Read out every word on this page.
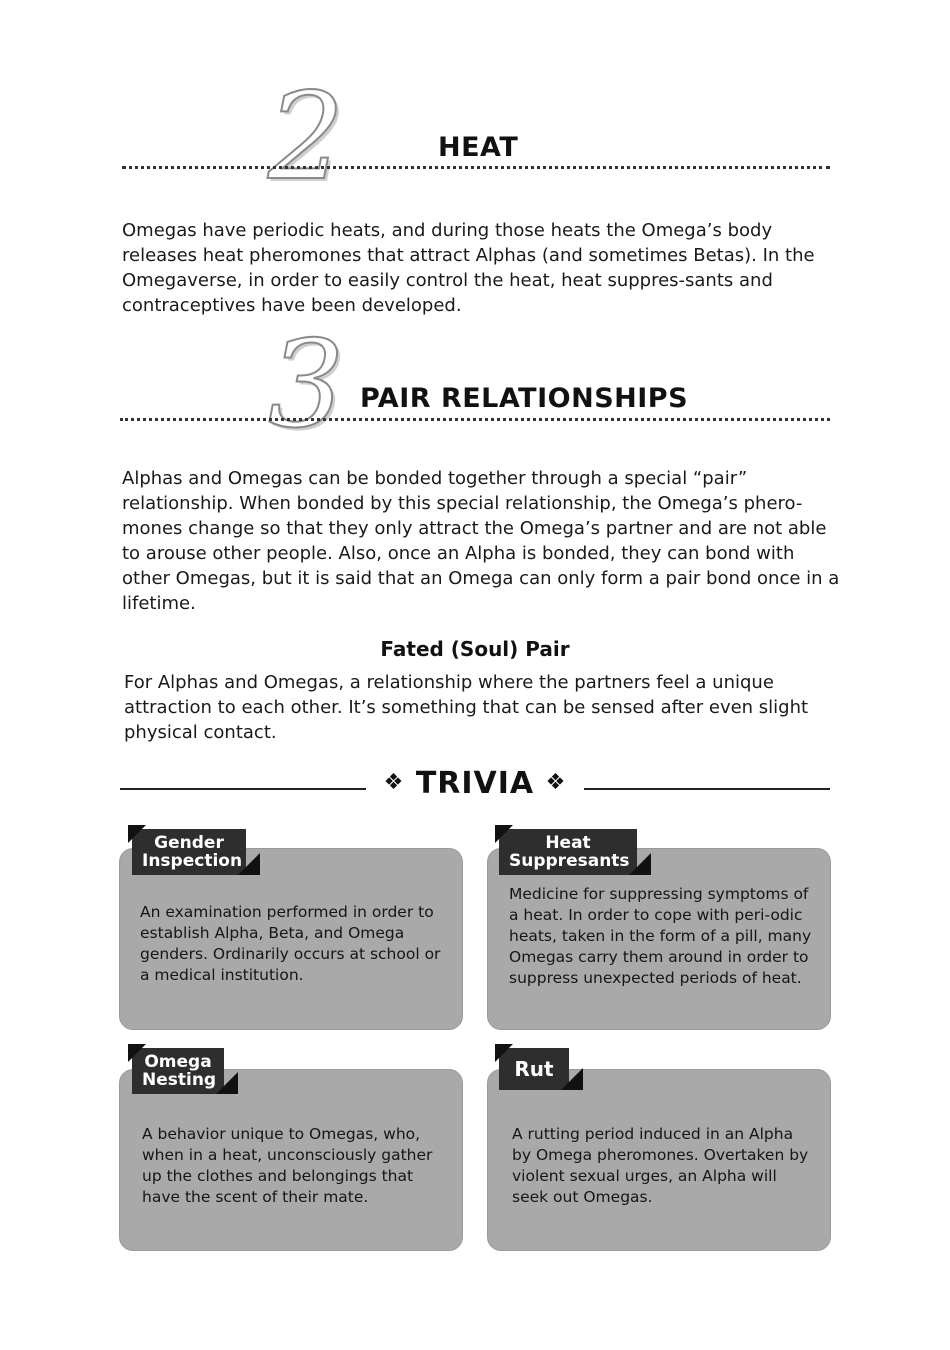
2	HEAT

Omegas have periodic heats, and during those heats the Omega’s body releases heat pheromones that attract Alphas (and sometimes Betas). In the Omegaverse, in order to easily control the heat, heat suppres-sants and contraceptives have been developed.

3 PAIR RELATIONSHIPS

Alphas and Omegas can be bonded together through a special “pair” relationship. When bonded by this special relationship, the Omega’s phero-mones change so that they only attract the Omega’s partner and are not able to arouse other people. Also, once an Alpha is bonded, they can bond with other Omegas, but it is said that an Omega can only form a pair bond once in a lifetime.

Fated (Soul) Pair

For Alphas and Omegas, a relationship where the partners feel a unique attraction to each other. It’s something that can be sensed after even slight physical contact.

❖ TRIVIA ❖
Gender
Inspection

An examination performed in order to establish Alpha, Beta, and Omega genders. Ordinarily occurs at school or a medical institution.

Heat
Suppresants

Medicine for suppressing symptoms of a heat. In order to cope with peri-odic heats, taken in the form of a pill, many Omegas carry them around in order to suppress unexpected periods of heat.

Omega
Nesting

A behavior unique to Omegas, who, when in a heat, unconsciously gather up the clothes and belongings that have the scent of their mate.

Rut

A rutting period induced in an Alpha by Omega pheromones. Overtaken by violent sexual urges, an Alpha will seek out Omegas.
